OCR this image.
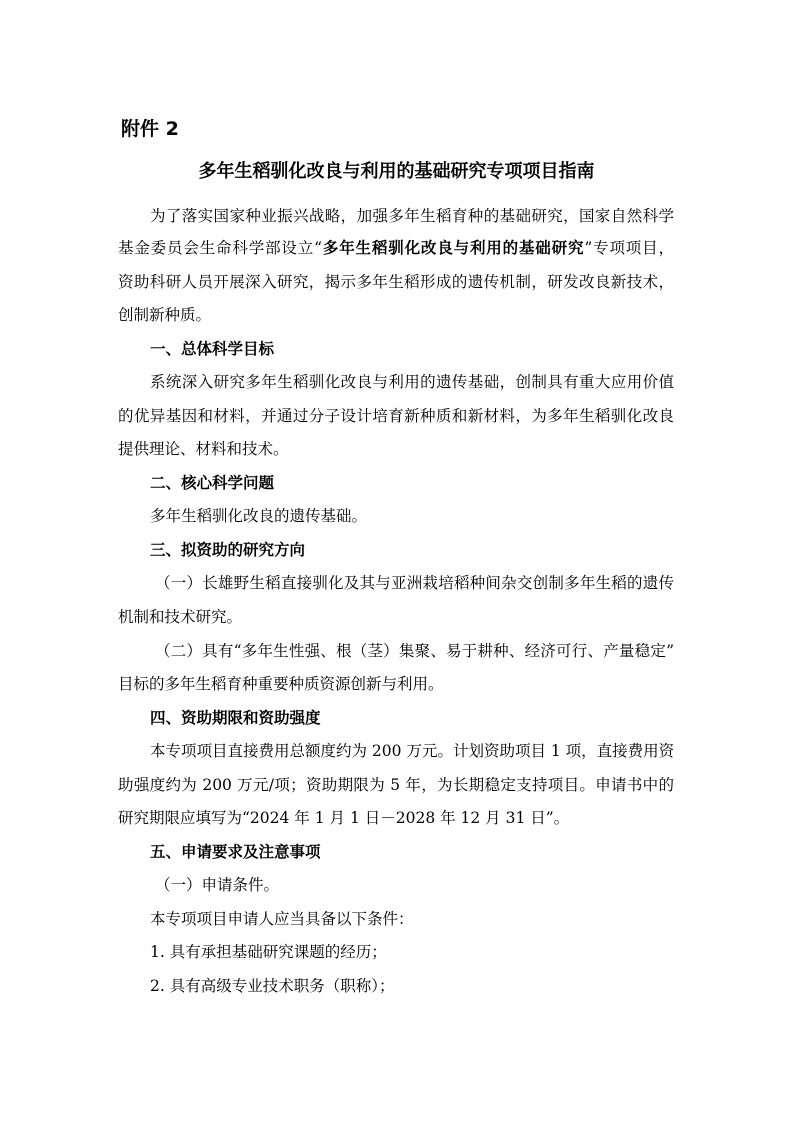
附件 2
多年生稻驯化改良与利用的基础研究专项项目指南
为了落实国家种业振兴战略，加强多年生稻育种的基础研究，国家自然科学
基金委员会生命科学部设立“多年生稻驯化改良与利用的基础研究”专项项目，
资助科研人员开展深入研究，揭示多年生稻形成的遗传机制，研发改良新技术，
创制新种质。
一、总体科学目标
系统深入研究多年生稻驯化改良与利用的遗传基础，创制具有重大应用价值
的优异基因和材料，并通过分子设计培育新种质和新材料，为多年生稻驯化改良
提供理论、材料和技术。
二、核心科学问题
多年生稻驯化改良的遗传基础。
三、拟资助的研究方向
（一）长雄野生稻直接驯化及其与亚洲栽培稻种间杂交创制多年生稻的遗传
机制和技术研究。
（二）具有“多年生性强、根（茎）集聚、易于耕种、经济可行、产量稳定”
目标的多年生稻育种重要种质资源创新与利用。
四、资助期限和资助强度
本专项项目直接费用总额度约为 200 万元。计划资助项目 1 项，直接费用资
助强度约为 200 万元/项；资助期限为 5 年，为长期稳定支持项目。申请书中的
研究期限应填写为“2024 年 1 月 1 日－2028 年 12 月 31 日”。
五、申请要求及注意事项
（一）申请条件。
本专项项目申请人应当具备以下条件：
1. 具有承担基础研究课题的经历；
2. 具有高级专业技术职务（职称）；
